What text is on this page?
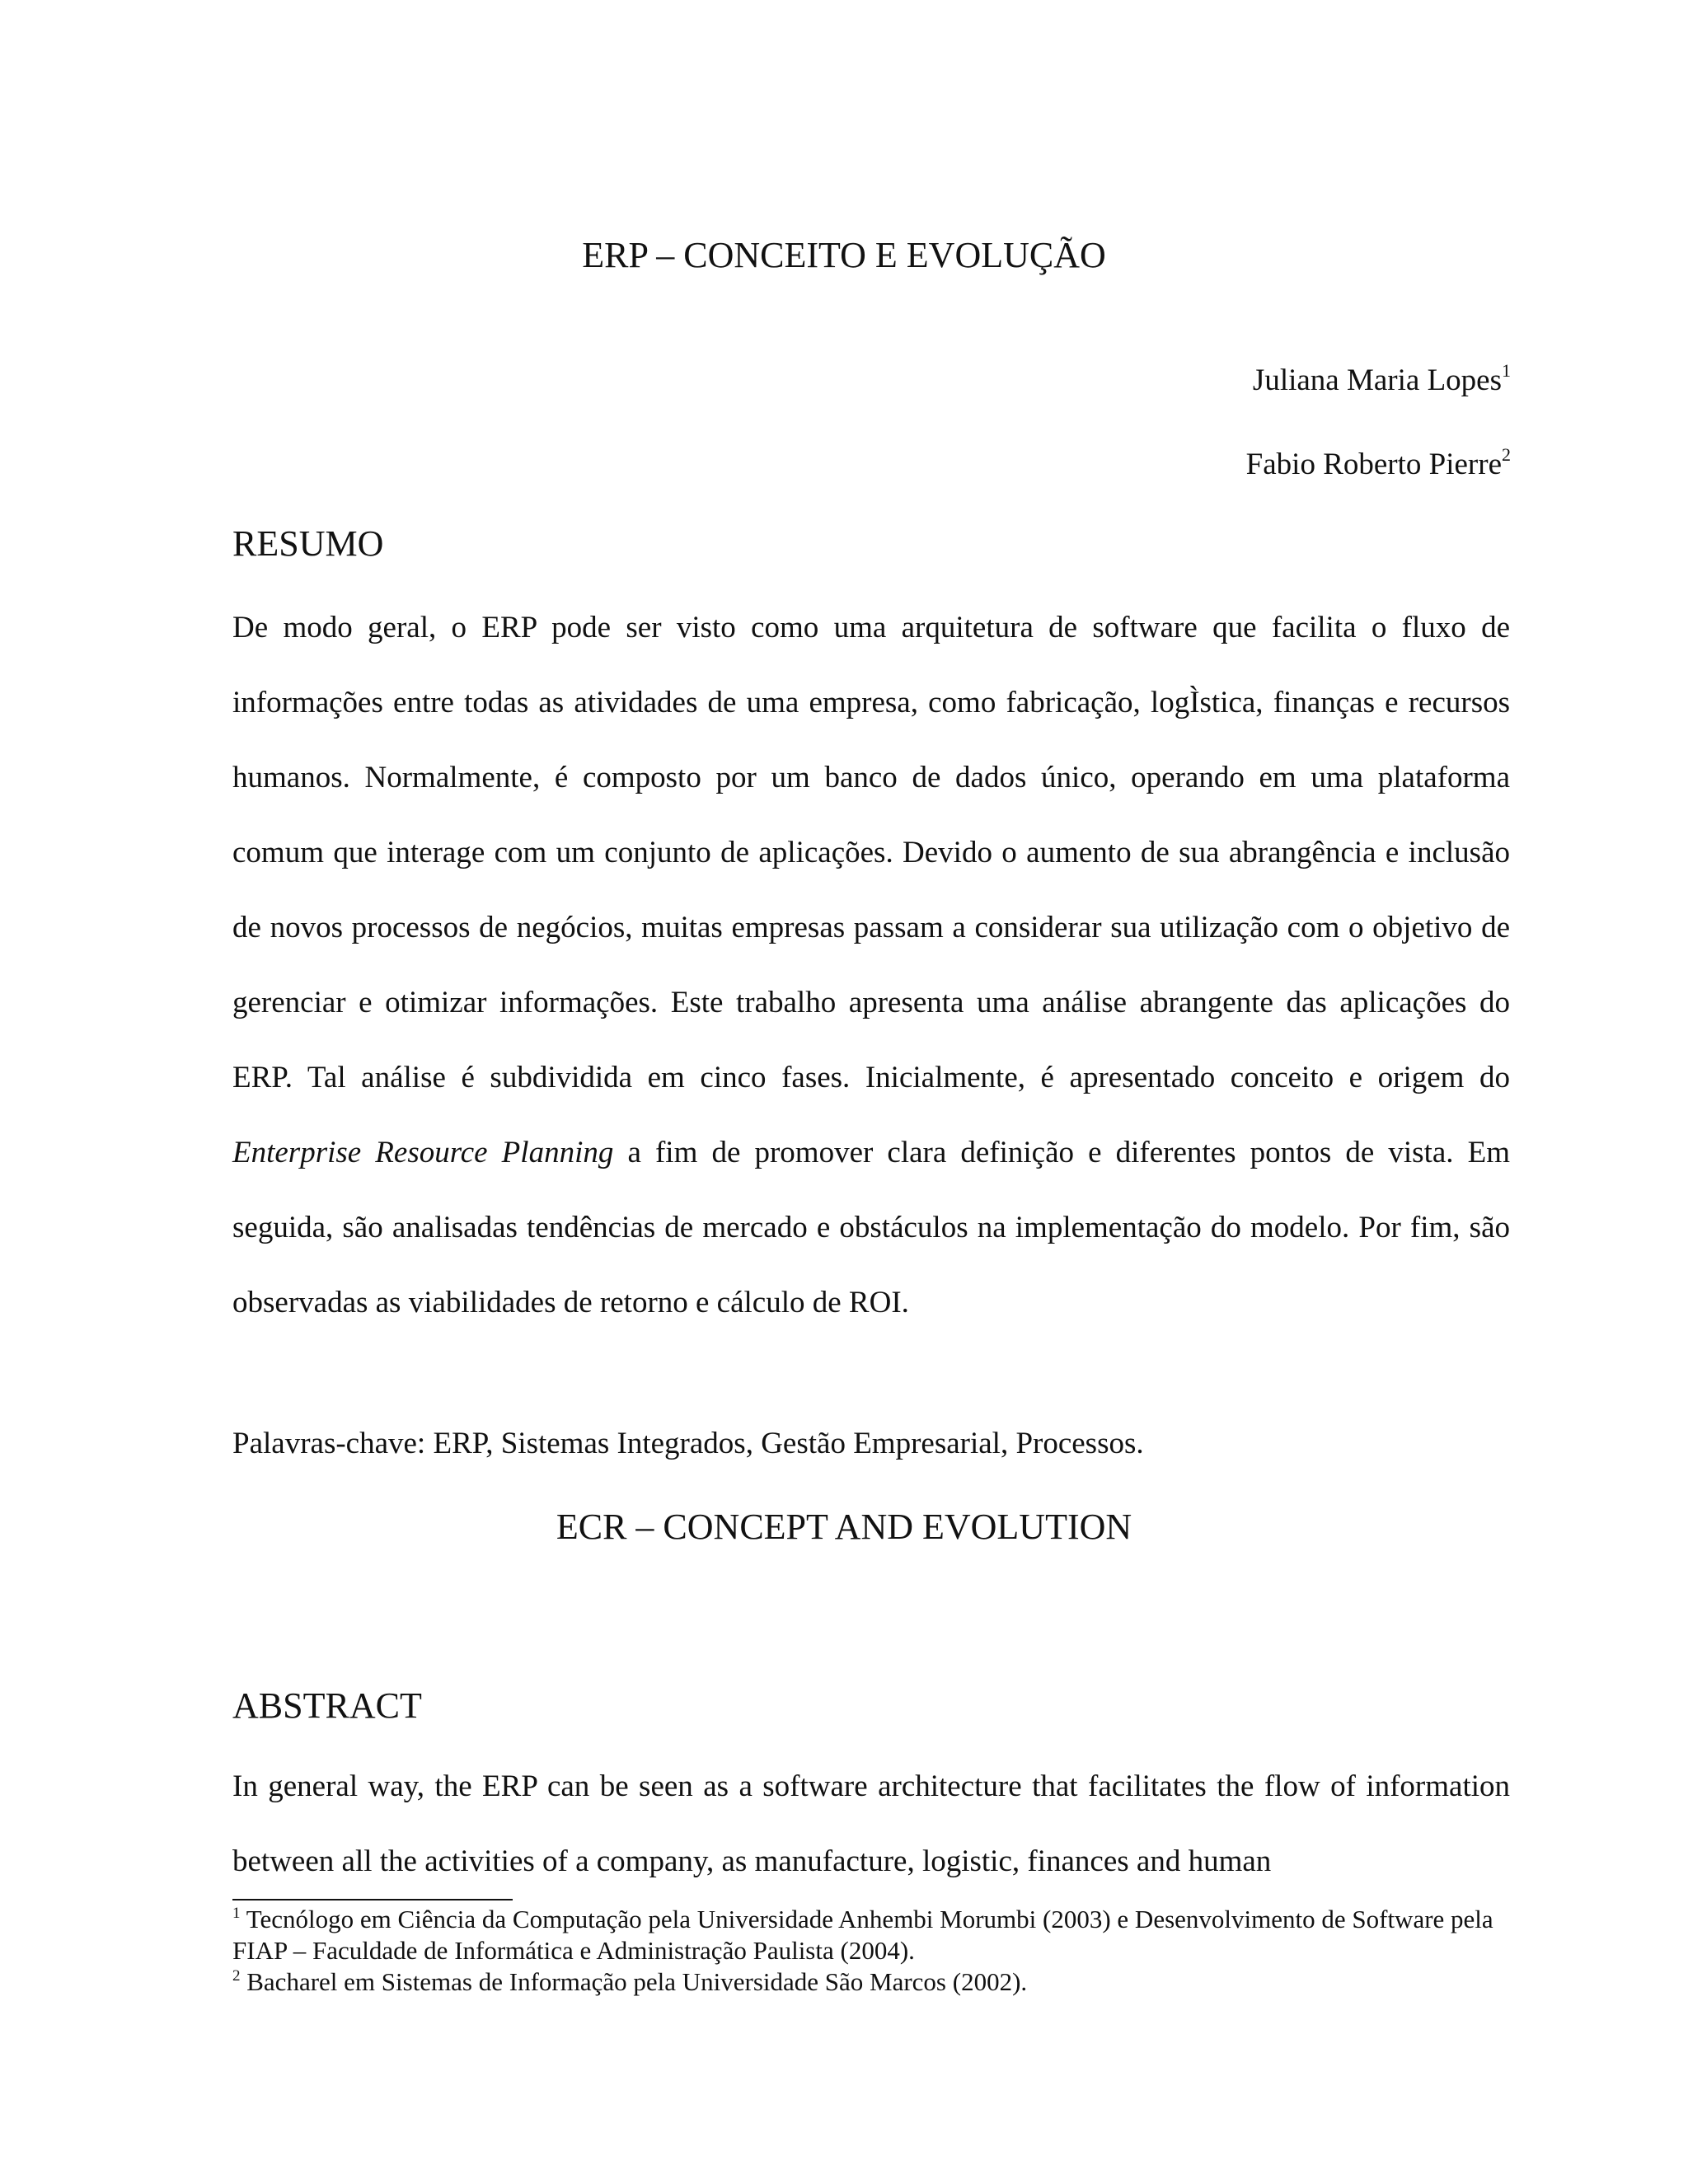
ERP – CONCEITO E EVOLUÇÃO

Juliana Maria Lopes$^1$

Fabio Roberto Pierre$^2$

RESUMO

De modo geral, o ERP pode ser visto como uma arquitetura de software que facilita o fluxo de informações entre todas as atividades de uma empresa, como fabricação, logÌstica, finanças e recursos humanos. Normalmente, é composto por um banco de dados único, operando em uma plataforma comum que interage com um conjunto de aplicações. Devido o aumento de sua abrangência e inclusão de novos processos de negócios, muitas empresas passam a considerar sua utilização com o objetivo de gerenciar e otimizar informações. Este trabalho apresenta uma análise abrangente das aplicações do ERP. Tal análise é subdividida em cinco fases. Inicialmente, é apresentado conceito e origem do Enterprise Resource Planning a fim de promover clara definição e diferentes pontos de vista. Em seguida, são analisadas tendências de mercado e obstáculos na implementação do modelo. Por fim, são observadas as viabilidades de retorno e cálculo de ROI.

Palavras-chave: ERP, Sistemas Integrados, Gestão Empresarial, Processos.

ECR – CONCEPT AND EVOLUTION
ABSTRACT

In general way, the ERP can be seen as a software architecture that facilitates the flow of information between all the activities of a company, as manufacture, logistic, finances and human

$^1$ Tecnólogo em Ciência da Computação pela Universidade Anhembi Morumbi (2003) e Desenvolvimento de Software pela FIAP – Faculdade de Informática e Administração Paulista (2004).

$^2$ Bacharel em Sistemas de Informação pela Universidade São Marcos (2002).
